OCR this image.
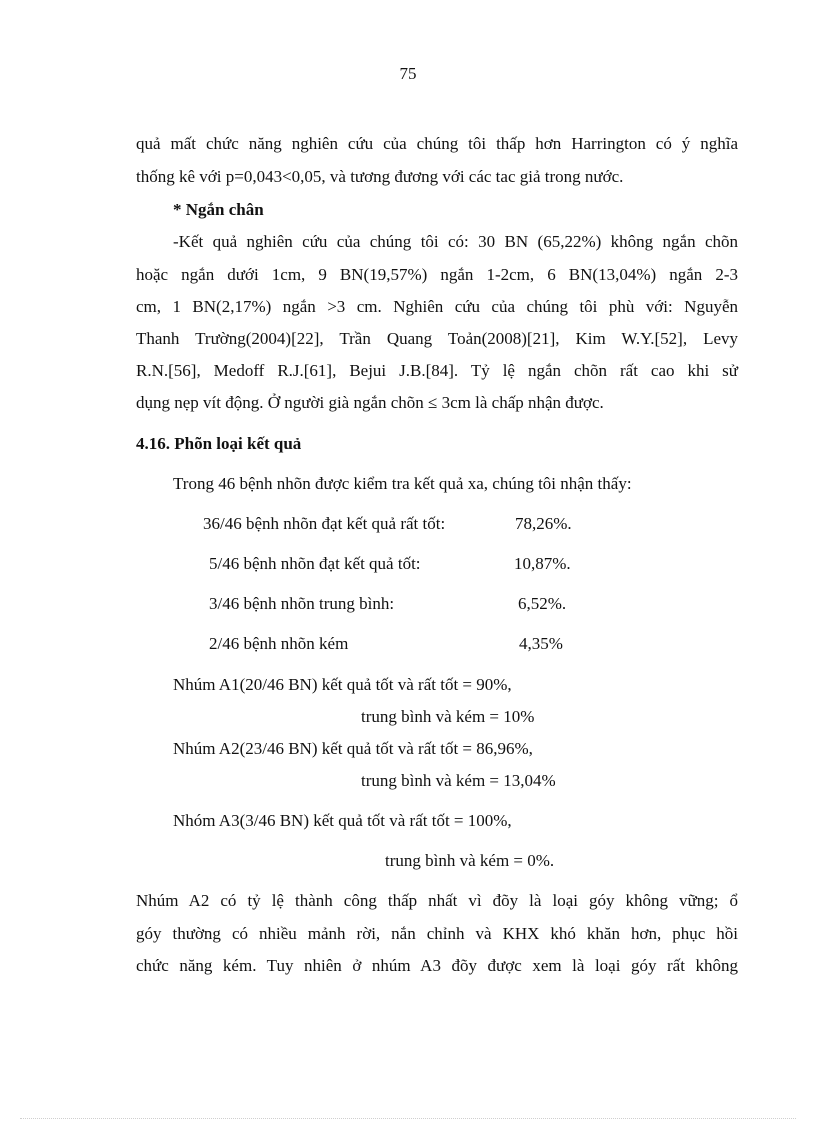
75
quả mất chức năng nghiên cứu của chúng tôi thấp hơn Harrington có ý nghĩa
thống kê với p=0,043<0,05, và tương đương với các tac giả trong nước.
* Ngắn chân
-Kết quả nghiên cứu của chúng tôi có: 30 BN (65,22%) không ngắn chõn
hoặc ngắn dưới 1cm, 9 BN(19,57%) ngắn 1-2cm, 6 BN(13,04%) ngắn 2-3
cm, 1 BN(2,17%) ngắn >3 cm. Nghiên cứu của chúng tôi phù với: Nguyễn
Thanh Trường(2004)[22], Trần Quang Toản(2008)[21], Kim W.Y.[52], Levy
R.N.[56], Medoff R.J.[61], Bejui J.B.[84]. Tỷ lệ ngắn chõn rất cao khi sử
dụng nẹp vít động. Ở người già ngắn chõn ≤ 3cm là chấp nhận được.
4.16. Phõn loại kết quả
Trong 46 bệnh nhõn được kiểm tra kết quả xa, chúng tôi nhận thấy:
36/46 bệnh nhõn đạt kết quả rất tốt:	78,26%.
5/46 bệnh nhõn đạt kết quả tốt:	10,87%.
3/46 bệnh nhõn trung bình:	6,52%.
2/46 bệnh nhõn kém	4,35%
Nhúm A1(20/46 BN) kết quả tốt và rất tốt = 90%,
trung bình và kém = 10%
Nhúm A2(23/46 BN) kết quả tốt và rất tốt = 86,96%,
trung bình và kém = 13,04%
Nhóm A3(3/46 BN) kết quả tốt và rất tốt = 100%,
trung bình và kém = 0%.
Nhúm A2 có tỷ lệ thành công thấp nhất vì đõy là loại góy không vững; ổ
góy thường có nhiều mảnh rời, nắn chỉnh và KHX khó khăn hơn, phục hồi
chức năng kém. Tuy nhiên ở nhúm A3 đõy được xem là loại góy rất không
